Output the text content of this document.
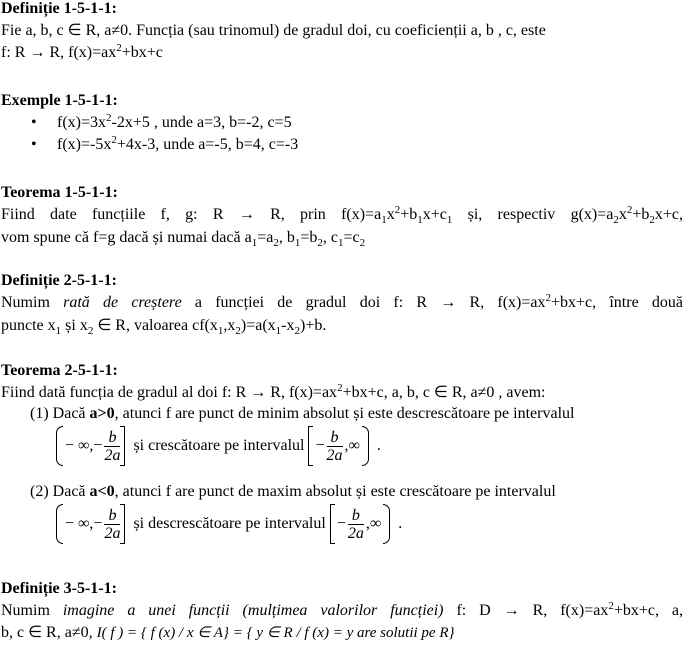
Definiție 1-5-1-1:
Fie a, b, c ∈ R, a≠0. Funcția (sau trinomul) de gradul doi, cu coeficienții a, b , c, este
f: R → R, $f(x)=ax^2+bx+c$
Exemple 1-5-1-1:
• $f(x)=3x^2-2x+5$ , unde a=3, b=-2, c=5
• $f(x)=-5x^2+4x-3$, unde a=-5, b=4, c=-3
Teorema 1-5-1-1:
Fiind date funcțiile f, g: R → R, prin $f(x)=a_1x^2+b_1x+c_1$ și, respectiv $g(x)=a_2x^2+b_2x+c$,
vom spune că f=g dacă și numai dacă $a_1=a_2$, $b_1=b_2$, $c_1=c_2$
Definiție 2-5-1-1:
Numim rată de creștere a funcției de gradul doi f: R → R, $f(x)=ax^2+bx+c$, între două
puncte $x_1$ și $x_2$ ∈ R, valoarea $cf(x_1,x_2)=a(x_1-x_2)+b$.
Teorema 2-5-1-1:
Fiind dată funcția de gradul al doi f: R → R, $f(x)=ax^2+bx+c$, a, b, c ∈ R, a≠0 , avem:
(1) Dacă a>0, atunci f are punct de minim absolut și este descrescătoare pe intervalul
− ∞,− $\frac{b}{2a}$ și crescătoare pe intervalul − $\frac{b}{2a}$ ,∞ .
(2) Dacă a<0, atunci f are punct de maxim absolut și este crescătoare pe intervalul
− ∞,− $\frac{b}{2a}$ și descrescătoare pe intervalul − $\frac{b}{2a}$ ,∞ .
Definiție 3-5-1-1:
Numim imagine a unei funcții (mulțimea valorilor funcției) f: D → R, $f(x)=ax^2+bx+c$, a,
b, c ∈ R, a≠0, I( f ) = { f (x) / x ∈ A} = { y ∈ R / f (x) = y are solutii pe R}
